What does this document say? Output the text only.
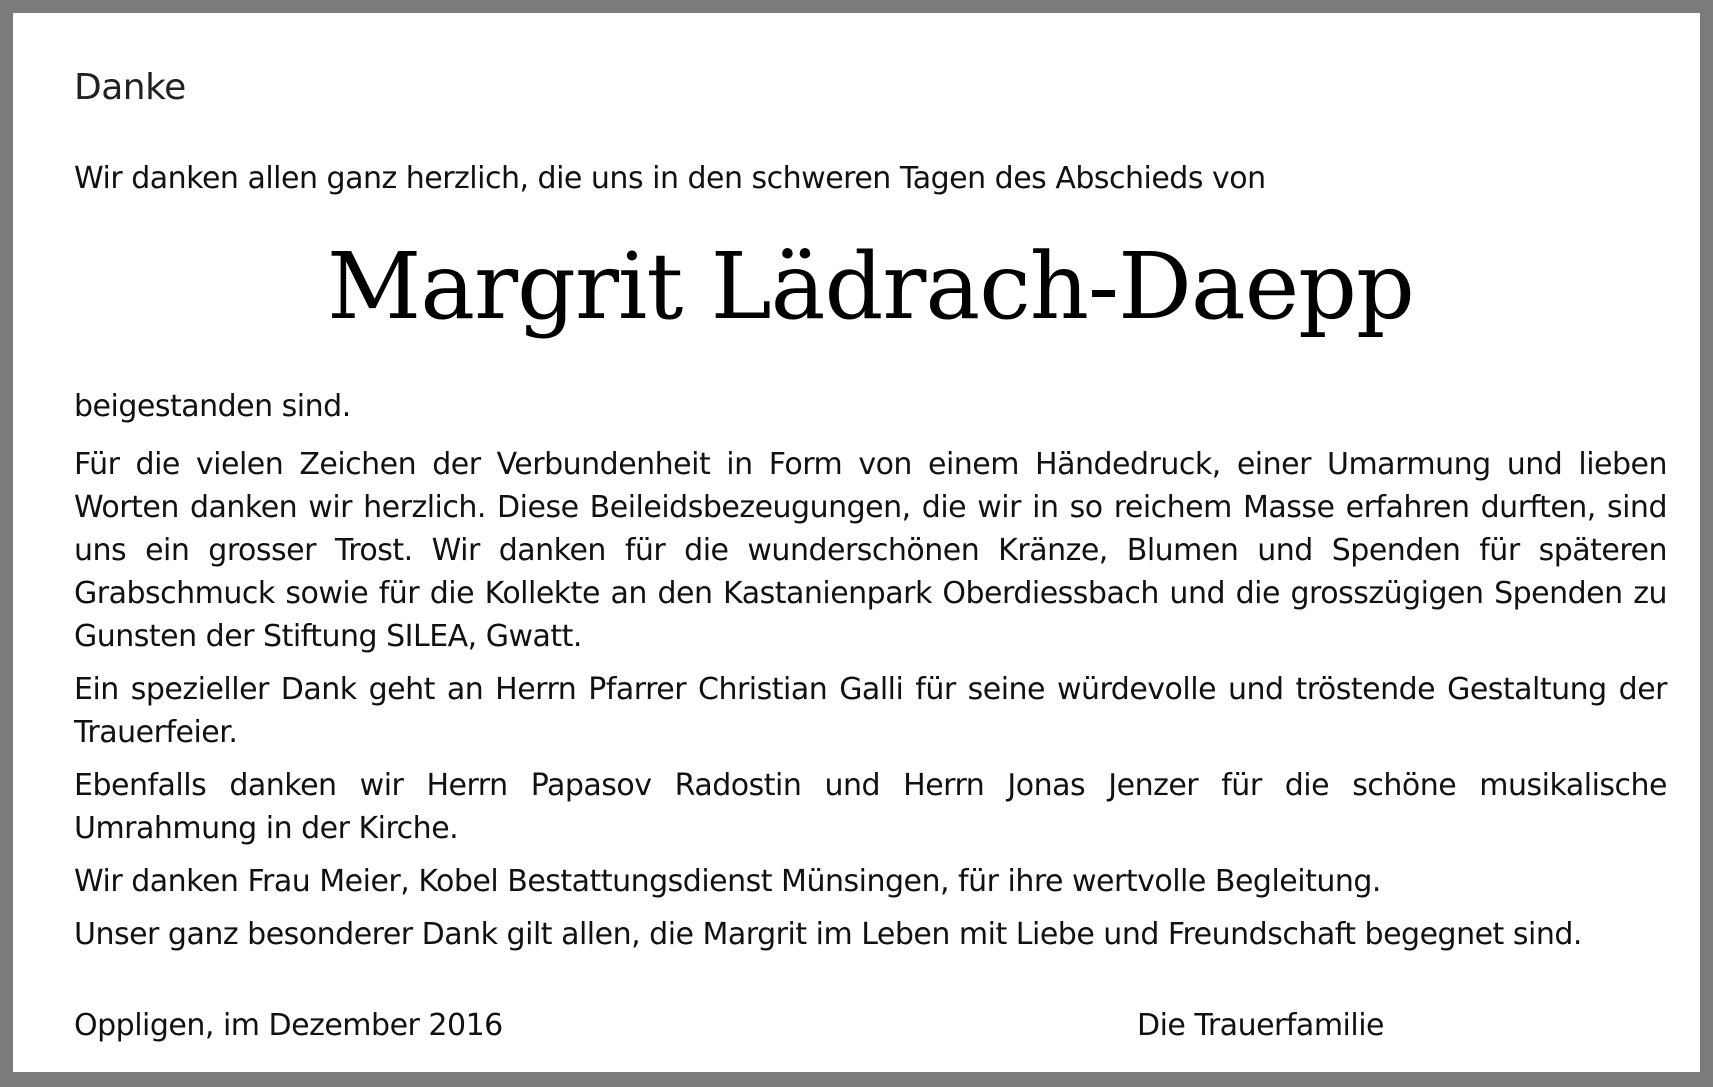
Danke
Wir danken allen ganz herzlich, die uns in den schweren Tagen des Abschieds von
Margrit Lädrach-Daepp
beigestanden sind.

Für die vielen Zeichen der Verbundenheit in Form von einem Händedruck, einer Umarmung und lieben Worten danken wir herzlich. Diese Beileidsbezeugungen, die wir in so reichem Masse erfahren durften, sind uns ein grosser Trost. Wir danken für die wunderschönen Kränze, Blumen und Spenden für späteren Grabschmuck sowie für die Kollekte an den Kastanienpark Oberdiessbach und die grosszügigen Spenden zu Gunsten der Stiftung SILEA, Gwatt.

Ein spezieller Dank geht an Herrn Pfarrer Christian Galli für seine würdevolle und tröstende Gestaltung der Trauerfeier.

Ebenfalls danken wir Herrn Papasov Radostin und Herrn Jonas Jenzer für die schöne musikalische Umrahmung in der Kirche.

Wir danken Frau Meier, Kobel Bestattungsdienst Münsingen, für ihre wertvolle Begleitung.

Unser ganz besonderer Dank gilt allen, die Margrit im Leben mit Liebe und Freundschaft begegnet sind.

Oppligen, im Dezember 2016	Die Trauerfamilie
